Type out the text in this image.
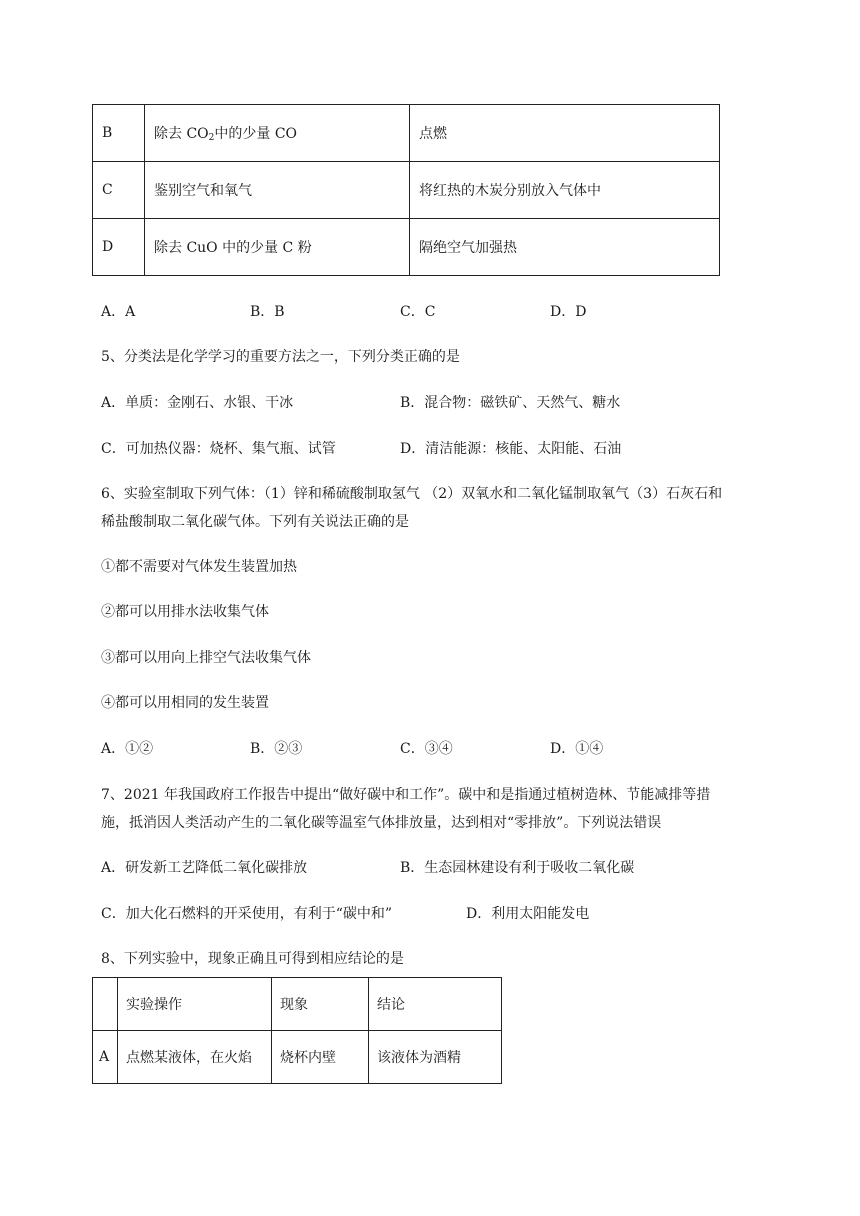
B	除去 $CO_2$中的少量 CO	点燃
C	鉴别空气和氧气	将红热的木炭分别放入气体中
D	除去 CuO 中的少量 C 粉	隔绝空气加强热
A．A	B．B	C．C	D．D
5、分类法是化学学习的重要方法之一，下列分类正确的是
A．单质：金刚石、水银、干冰	B．混合物：磁铁矿、天然气、糖水
C．可加热仪器：烧杯、集气瓶、试管	D．清洁能源：核能、太阳能、石油
6、实验室制取下列气体：（1）锌和稀硫酸制取氢气 （2）双氧水和二氧化锰制取氧气（3）石灰石和
稀盐酸制取二氧化碳气体。下列有关说法正确的是
①都不需要对气体发生装置加热
②都可以用排水法收集气体
③都可以用向上排空气法收集气体
④都可以用相同的发生装置
A．①②	B．②③	C．③④	D．①④
7、2021 年我国政府工作报告中提出“做好碳中和工作”。碳中和是指通过植树造林、节能减排等措
施，抵消因人类活动产生的二氧化碳等温室气体排放量，达到相对“零排放”。下列说法错误
A．研发新工艺降低二氧化碳排放	B．生态园林建设有利于吸收二氧化碳
C．加大化石燃料的开采使用，有利于“碳中和”	D．利用太阳能发电
8、下列实验中，现象正确且可得到相应结论的是
	实验操作	现象	结论
A	点燃某液体，在火焰	烧杯内壁	该液体为酒精
